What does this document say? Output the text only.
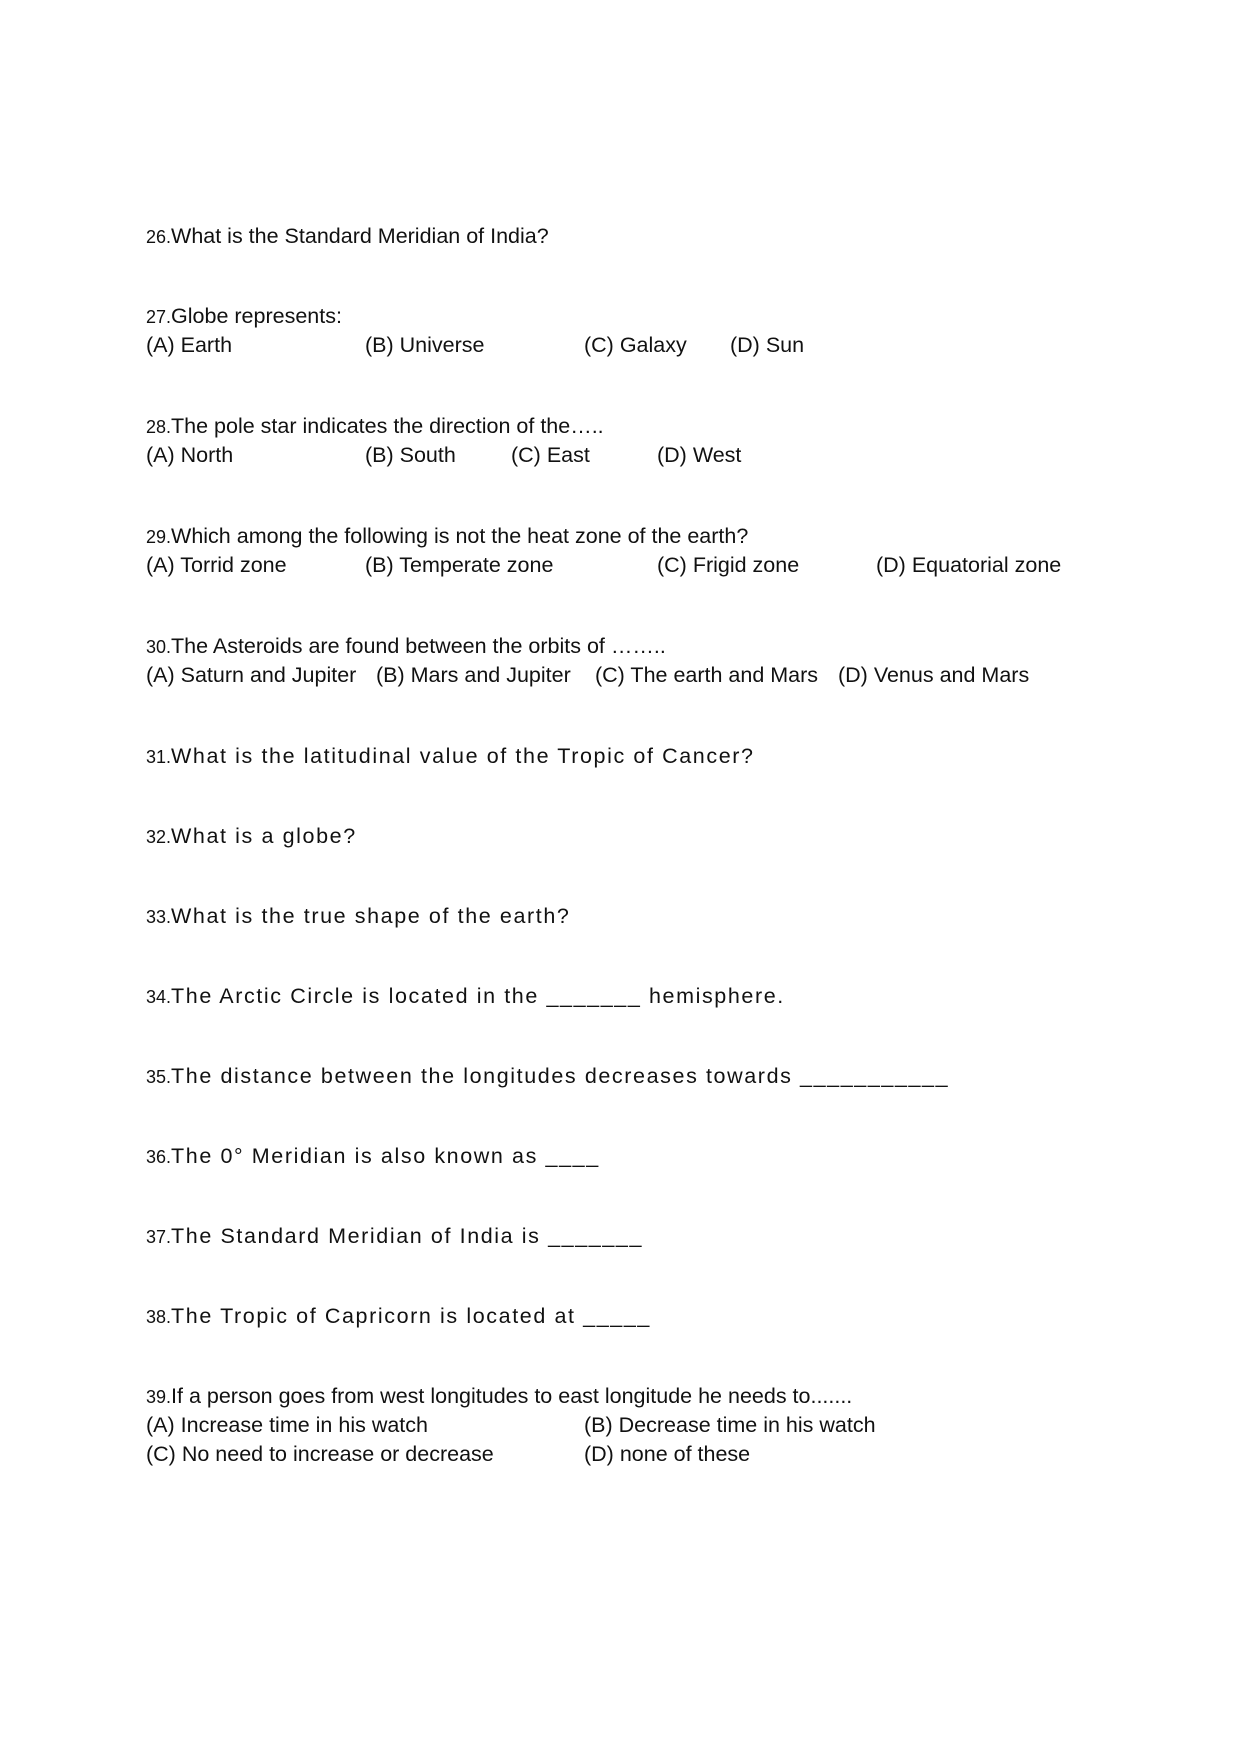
26.What is the Standard Meridian of India?
27.Globe represents:
(A) Earth	(B) Universe	(C) Galaxy (D) Sun
28.The pole star indicates the direction of the…..
(A) North	(B) South	(C) East	(D) West
29.Which among the following is not the heat zone of the earth?
(A) Torrid zone	(B) Temperate zone	(C) Frigid zone	(D) Equatorial zone
30.The Asteroids are found between the orbits of ……..
(A) Saturn and Jupiter (B) Mars and Jupiter (C) The earth and Mars (D) Venus and Mars
31.What is the latitudinal value of the Tropic of Cancer?
32.What is a globe?
33.What is the true shape of the earth?
34.The Arctic Circle is located in the _______ hemisphere.
35.The distance between the longitudes decreases towards ___________
36.The 0° Meridian is also known as ____
37.The Standard Meridian of India is _______
38.The Tropic of Capricorn is located at _____
39.If a person goes from west longitudes to east longitude he needs to.......
(A) Increase time in his watch	(B) Decrease time in his watch
(C) No need to increase or decrease	(D) none of these
